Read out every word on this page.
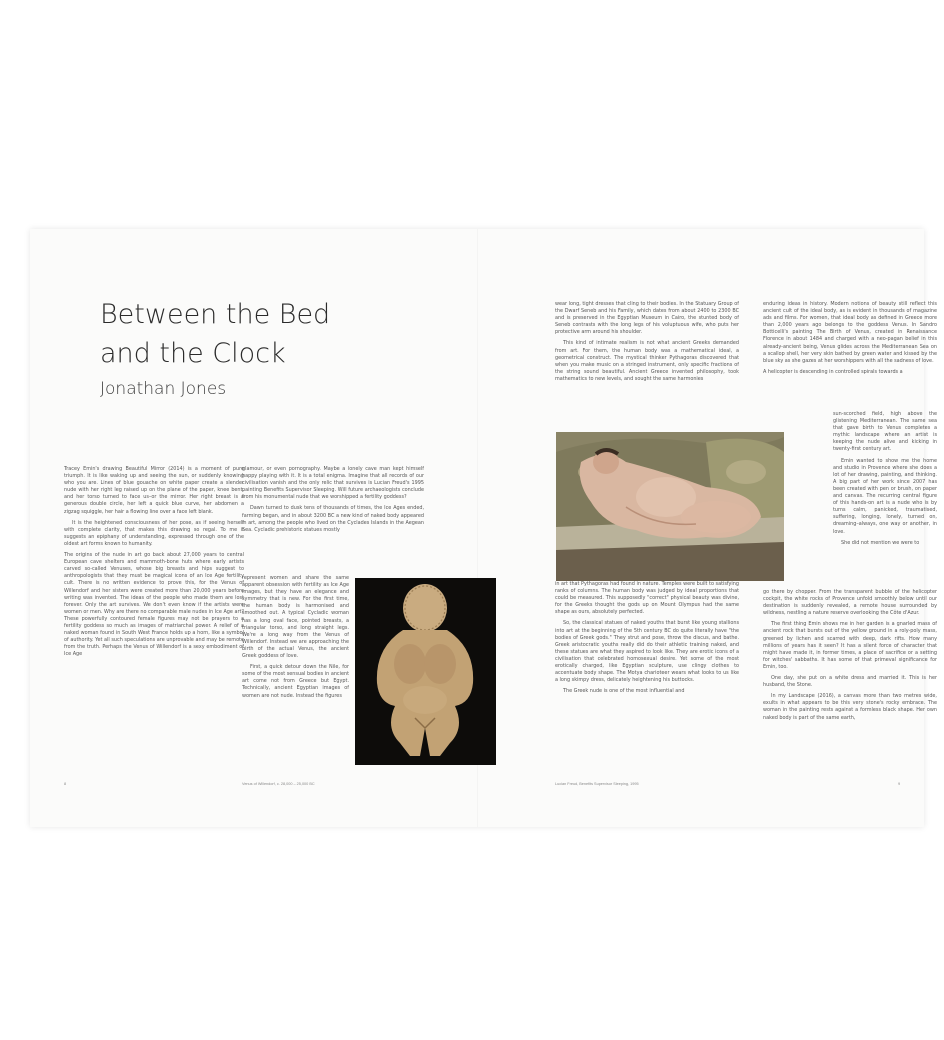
Between the Bed
and the Clock

Jonathan Jones

Tracey Emin's drawing Beautiful Mirror (2014) is a moment of pure triumph. It is like waking up and seeing the sun, or suddenly knowing who you are. Lines of blue gouache on white paper create a slender nude with her right leg raised up on the plane of the paper, knee bent, and her torso turned to face us–or the mirror. Her right breast is a generous double circle, her left a quick blue curve, her abdomen a zigzag squiggle, her hair a flowing line over a face left blank.

It is the heightened consciousness of her pose, as if seeing herself with complete clarity, that makes this drawing so regal. To me it suggests an epiphany of understanding, expressed through one of the oldest art forms known to humanity.

The origins of the nude in art go back about 27,000 years to central European cave shelters and mammoth-bone huts where early artists carved so-called Venuses, whose big breasts and hips suggest to anthropologists that they must be magical icons of an Ice Age fertility cult. There is no written evidence to prove this, for the Venus of Willendorf and her sisters were created more than 20,000 years before writing was invented. The ideas of the people who made them are lost forever. Only the art survives. We don't even know if the artists were women or men. Why are there no comparable male nudes in Ice Age art? These powerfully contoured female figures may not be prayers to a fertility goddess so much as images of matriarchal power. A relief of a naked woman found in South West France holds up a horn, like a symbol of authority. Yet all such speculations are unprovable and may be remote from the truth. Perhaps the Venus of Willendorf is a sexy embodiment of Ice Age

glamour, or even pornography. Maybe a lonely cave man kept himself happy playing with it. It is a total enigma. Imagine that all records of our civilisation vanish and the only relic that survives is Lucian Freud's 1995 painting Benefits Supervisor Sleeping. Will future archaeologists conclude from his monumental nude that we worshipped a fertility goddess?

Dawn turned to dusk tens of thousands of times, the Ice Ages ended, farming began, and in about 3200 BC a new kind of naked body appeared in art, among the people who lived on the Cyclades Islands in the Aegean Sea. Cycladic prehistoric statues mostly

represent women and share the same apparent obsession with fertility as Ice Age images, but they have an elegance and symmetry that is new. For the first time, the human body is harmonised and smoothed out. A typical Cycladic woman has a long oval face, pointed breasts, a triangular torso, and long straight legs. We're a long way from the Venus of Willendorf. Instead we are approaching the birth of the actual Venus, the ancient Greek goddess of love.

First, a quick detour down the Nile, for some of the most sensual bodies in ancient art come not from Greece but Egypt. Technically, ancient Egyptian images of women are not nude. Instead the figures

Venus of Willendorf, c. 28,000 – 25,000 BC
8

wear long, tight dresses that cling to their bodies. In the Statuary Group of the Dwarf Seneb and his Family, which dates from about 2400 to 2300 BC and is preserved in the Egyptian Museum in Cairo, the stunted body of Seneb contrasts with the long legs of his voluptuous wife, who puts her protective arm around his shoulder.

This kind of intimate realism is not what ancient Greeks demanded from art. For them, the human body was a mathematical ideal, a geometrical construct. The mystical thinker Pythagoras discovered that when you make music on a stringed instrument, only specific fractions of the string sound beautiful. Ancient Greece invented philosophy, took mathematics to new levels, and sought the same harmonies

in art that Pythagoras had found in nature. Temples were built to satisfying ranks of columns. The human body was judged by ideal proportions that could be measured. This supposedly "correct" physical beauty was divine, for the Greeks thought the gods up on Mount Olympus had the same shape as ours, absolutely perfected.

So, the classical statues of naked youths that burst like young stallions into art at the beginning of the 5th century BC do quite literally have "the bodies of Greek gods." They strut and pose, throw the discus, and bathe. Greek aristocratic youths really did do their athletic training naked, and these statues are what they aspired to look like. They are erotic icons of a civilisation that celebrated homosexual desire. Yet some of the most erotically charged, like Egyptian sculpture, use clingy clothes to accentuate body shape. The Motya charioteer wears what looks to us like a long skimpy dress, delicately heightening his buttocks.

The Greek nude is one of the most influential and

enduring ideas in history. Modern notions of beauty still reflect this ancient cult of the ideal body, as is evident in thousands of magazine ads and films. For women, that ideal body as defined in Greece more than 2,000 years ago belongs to the goddess Venus. In Sandro Botticelli's painting The Birth of Venus, created in Renaissance Florence in about 1484 and charged with a neo-pagan belief in this already-ancient being, Venus glides across the Mediterranean Sea on a scallop shell, her very skin bathed by green water and kissed by the blue sky as she gazes at her worshippers with all the sadness of love.

A helicopter is descending in controlled spirals towards a

sun-scorched field, high above the glistening Mediterranean. The same sea that gave birth to Venus completes a mythic landscape where an artist is keeping the nude alive and kicking in twenty-first century art.

Emin wanted to show me the home and studio in Provence where she does a lot of her drawing, painting, and thinking. A big part of her work since 2007 has been created with pen or brush, on paper and canvas. The recurring central figure of this hands-on art is a nude who is by turns calm, panicked, traumatised, suffering, longing, lonely, turned on, dreaming–always, one way or another, in love.

She did not mention we were to

go there by chopper. From the transparent bubble of the helicopter cockpit, the white rocks of Provence unfold smoothly below until our destination is suddenly revealed, a remote house surrounded by wildness, nestling a nature reserve overlooking the Côte d'Azur.

The first thing Emin shows me in her garden is a gnarled mass of ancient rock that bursts out of the yellow ground in a roly-poly mass, greened by lichen and scarred with deep, dark rifts. How many millions of years has it seen? It has a silent force of character that might have made it, in former times, a place of sacrifice or a setting for witches' sabbaths. It has some of that primeval significance for Emin, too.

One day, she put on a white dress and married it. This is her husband, the Stone.

In my Landscape (2016), a canvas more than two metres wide, exults in what appears to be this very stone's rocky embrace. The woman in the painting rests against a formless black shape. Her own naked body is part of the same earth,

Lucian Freud, Benefits Supervisor Sleeping, 1995	9
